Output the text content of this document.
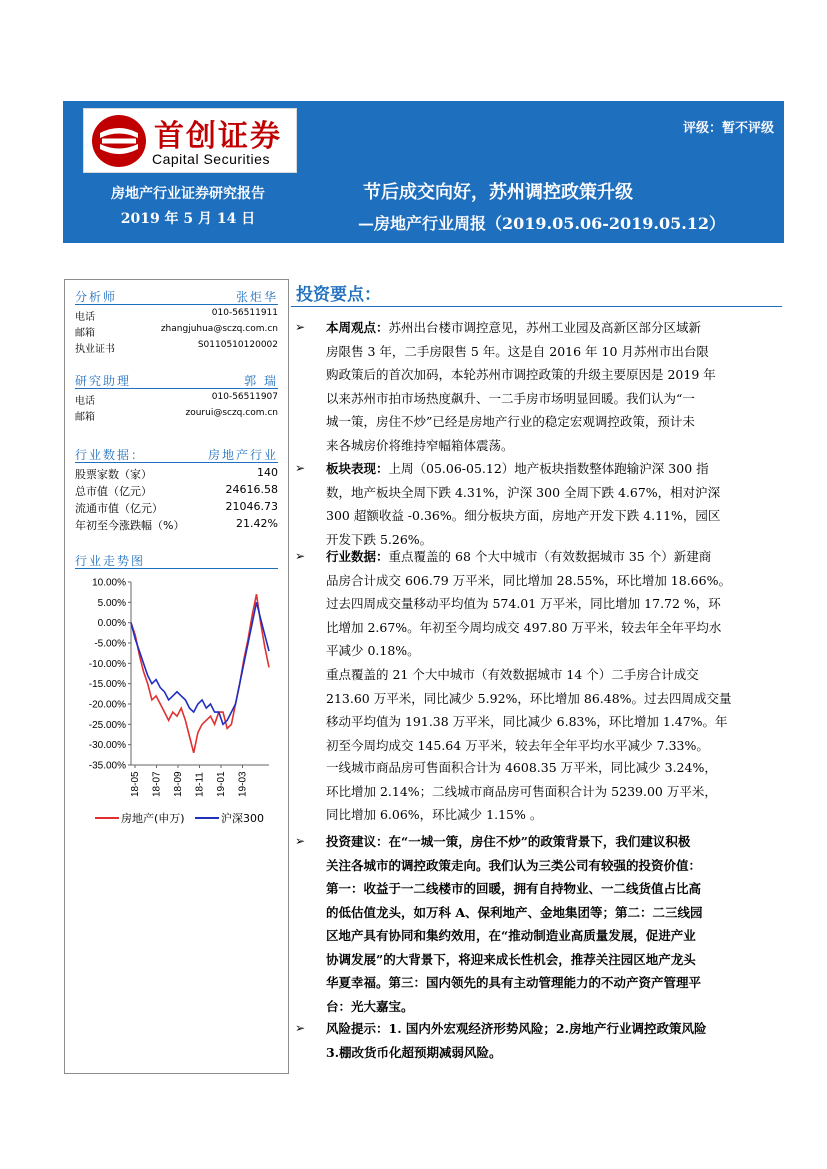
首创证券
Capital Securities
评级：暂不评级
房地产行业证券研究报告
2019 年 5 月 14 日
节后成交向好，苏州调控政策升级
—房地产行业周报（2019.05.06-2019.05.12）
分析师	张炬华
电话	010-56511911
邮箱	zhangjuhua@sczq.com.cn
执业证书	S0110510120002
研究助理	郭 瑞
电话	010-56511907
邮箱	zourui@sczq.com.cn
行业数据：	房地产行业
股票家数（家）	140
总市值（亿元）	24616.58
流通市值（亿元）	21046.73
年初至今涨跌幅（%）	21.42%
行业走势图
10.00%
5.00%
0.00%
-5.00%
-10.00%
-15.00%
-20.00%
-25.00%
-30.00%
-35.00%
18-05 18-07 18-09 18-11 19-01 19-03
房地产(申万)	沪深300
投资要点：
➢ 本周观点：苏州出台楼市调控意见，苏州工业园及高新区部分区域新
房限售 3 年，二手房限售 5 年。这是自 2016 年 10 月苏州市出台限
购政策后的首次加码，本轮苏州市调控政策的升级主要原因是 2019 年
以来苏州市拍市场热度飙升、一二手房市场明显回暖。我们认为“一
城一策，房住不炒”已经是房地产行业的稳定宏观调控政策，预计未
来各城房价将维持窄幅箱体震荡。
➢ 板块表现：上周（05.06-05.12）地产板块指数整体跑输沪深 300 指
数，地产板块全周下跌 4.31%，沪深 300 全周下跌 4.67%，相对沪深
300 超额收益 -0.36%。细分板块方面，房地产开发下跌 4.11%，园区
开发下跌 5.26%。
➢ 行业数据：重点覆盖的 68 个大中城市（有效数据城市 35 个）新建商
品房合计成交 606.79 万平米，同比增加 28.55%，环比增加 18.66%。
过去四周成交量移动平均值为 574.01 万平米，同比增加 17.72 %，环
比增加 2.67%。年初至今周均成交 497.80 万平米，较去年全年平均水
平减少 0.18%。
重点覆盖的 21 个大中城市（有效数据城市 14 个）二手房合计成交
213.60 万平米，同比减少 5.92%，环比增加 86.48%。过去四周成交量
移动平均值为 191.38 万平米，同比减少 6.83%，环比增加 1.47%。年
初至今周均成交 145.64 万平米，较去年全年平均水平减少 7.33%。
一线城市商品房可售面积合计为 4608.35 万平米，同比减少 3.24%，
环比增加 2.14%；二线城市商品房可售面积合计为 5239.00 万平米，
同比增加 6.06%，环比减少 1.15% 。
➢ 投资建议：在“一城一策，房住不炒”的政策背景下，我们建议积极
关注各城市的调控政策走向。我们认为三类公司有较强的投资价值：
第一：收益于一二线楼市的回暖，拥有自持物业、一二线货值占比高
的低估值龙头，如万科 A、保利地产、金地集团等；第二：二三线园
区地产具有协同和集约效用，在“推动制造业高质量发展，促进产业
协调发展”的大背景下，将迎来成长性机会，推荐关注园区地产龙头
华夏幸福。第三：国内领先的具有主动管理能力的不动产资产管理平
台：光大嘉宝。
➢ 风险提示：1. 国内外宏观经济形势风险；2.房地产行业调控政策风险
3.棚改货币化超预期减弱风险。
